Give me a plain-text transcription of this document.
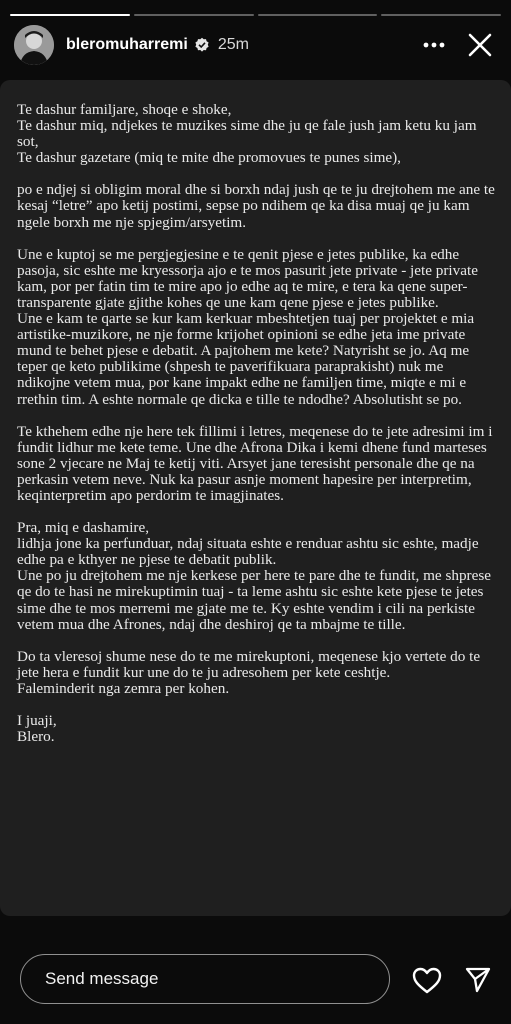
bleromuharremi 25m

Te dashur familjare, shoqe e shoke,
Te dashur miq, ndjekes te muzikes sime dhe ju qe fale jush jam ketu ku jam sot,
Te dashur gazetare (miq te mite dhe promovues te punes sime),

po e ndjej si obligim moral dhe si borxh ndaj jush qe te ju drejtohem me ane te kesaj “letre” apo ketij postimi, sepse po ndihem qe ka disa muaj qe ju kam ngele borxh me nje spjegim/arsyetim.

Une e kuptoj se me pergjegjesine e te qenit pjese e jetes publike, ka edhe pasoja, sic eshte me kryessorja ajo e te mos pasurit jete private - jete private kam, por per fatin tim te mire apo jo edhe aq te mire, e tera ka qene super-transparente gjate gjithe kohes qe une kam qene pjese e jetes publike.
Une e kam te qarte se kur kam kerkuar mbeshtetjen tuaj per projektet e mia artistike-muzikore, ne nje forme krijohet opinioni se edhe jeta ime private mund te behet pjese e debatit. A pajtohem me kete? Natyrisht se jo. Aq me teper qe keto publikime (shpesh te paverifikuara paraprakisht) nuk me ndikojne vetem mua, por kane impakt edhe ne familjen time, miqte e mi e rrethin tim. A eshte normale qe dicka e tille te ndodhe? Absolutisht se po.

Te kthehem edhe nje here tek fillimi i letres, meqenese do te jete adresimi im i fundit lidhur me kete teme. Une dhe Afrona Dika i kemi dhene fund marteses sone 2 vjecare ne Maj te ketij viti. Arsyet jane teresisht personale dhe qe na perkasin vetem neve. Nuk ka pasur asnje moment hapesire per interpretim, keqinterpretim apo perdorim te imagjinates.

Pra, miq e dashamire,
lidhja jone ka perfunduar, ndaj situata eshte e renduar ashtu sic eshte, madje edhe pa e kthyer ne pjese te debatit publik.
Une po ju drejtohem me nje kerkese per here te pare dhe te fundit, me shprese qe do te hasi ne mirekuptimin tuaj - ta leme ashtu sic eshte kete pjese te jetes sime dhe te mos merremi me gjate me te. Ky eshte vendim i cili na perkiste vetem mua dhe Afrones, ndaj dhe deshiroj qe ta mbajme te tille.

Do ta vleresoj shume nese do te me mirekuptoni, meqenese kjo vertete do te jete hera e fundit kur une do te ju adresohem per kete ceshtje.
Faleminderit nga zemra per kohen.

I juaji,
Blero.

Send message
